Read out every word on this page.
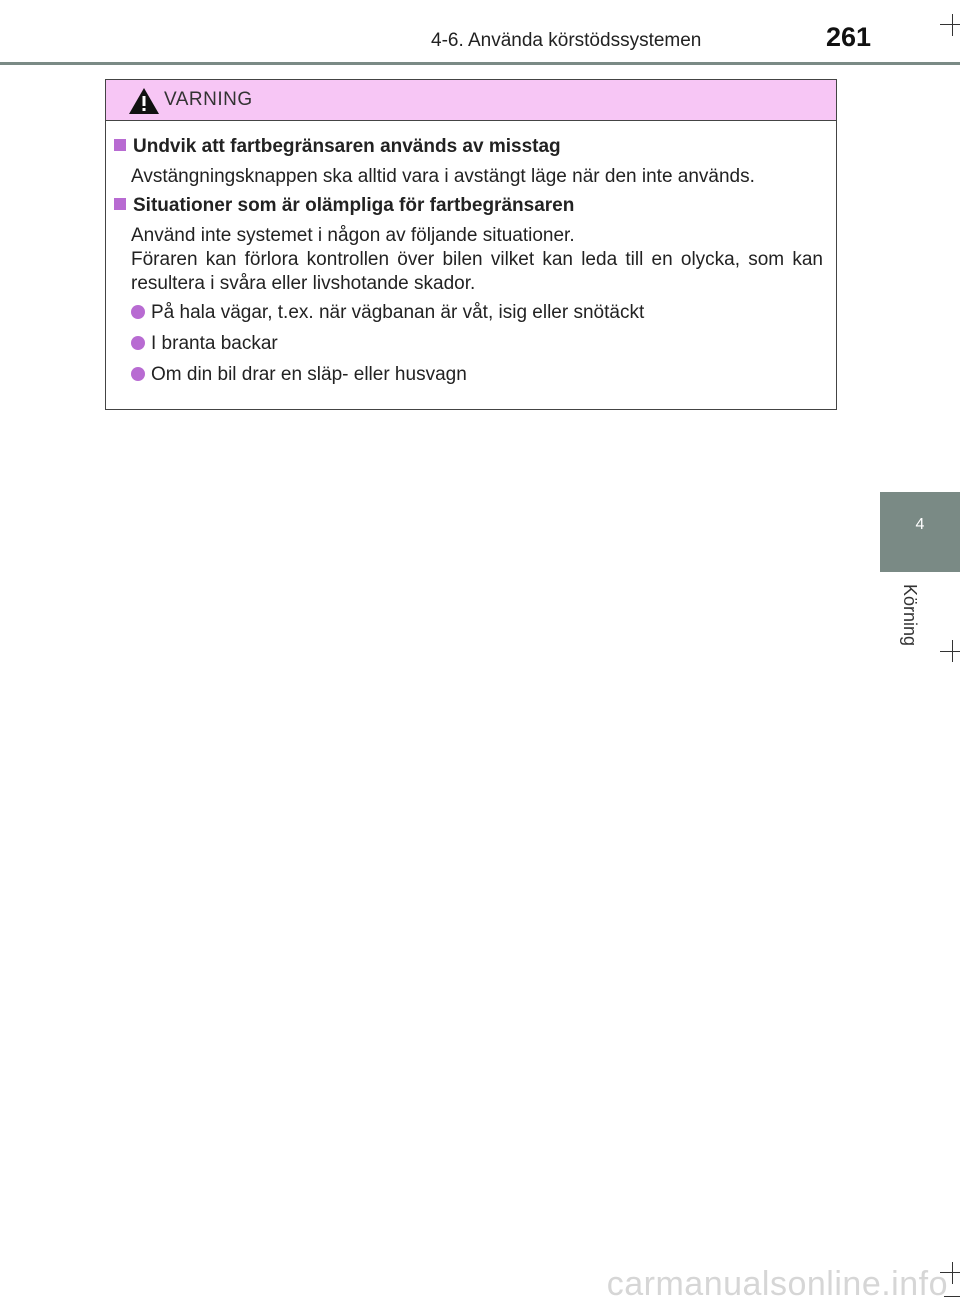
4-6. Använda körstödssystemen	261
4
Körning
VARNING
Undvik att fartbegränsaren används av misstag
Avstängningsknappen ska alltid vara i avstängt läge när den inte används.
Situationer som är olämpliga för fartbegränsaren
Använd inte systemet i någon av följande situationer.
Föraren kan förlora kontrollen över bilen vilket kan leda till en olycka, som kan resultera i svåra eller livshotande skador.
På hala vägar, t.ex. när vägbanan är våt, isig eller snötäckt
I branta backar
Om din bil drar en släp- eller husvagn
carmanualsonline.info
